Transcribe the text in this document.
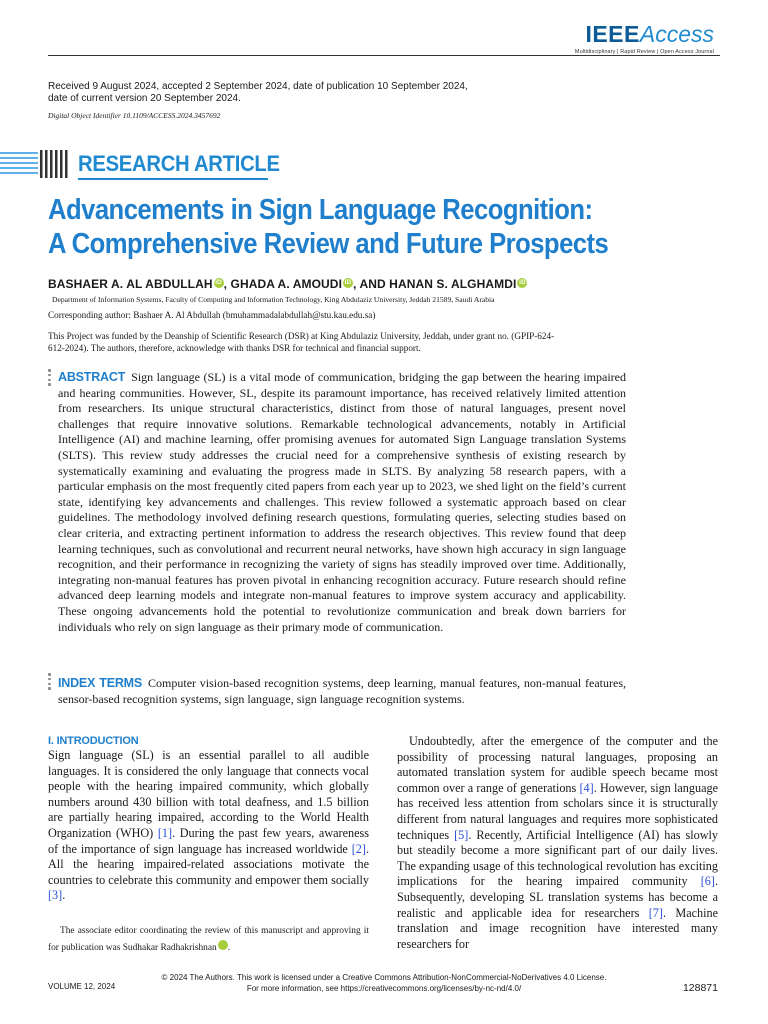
IEEEAccess
Multidisciplinary | Rapid Review | Open Access Journal
Received 9 August 2024, accepted 2 September 2024, date of publication 10 September 2024, date of current version 20 September 2024.
Digital Object Identifier 10.1109/ACCESS.2024.3457692
RESEARCH ARTICLE
Advancements in Sign Language Recognition:
A Comprehensive Review and Future Prospects
BASHAER A. AL ABDULLAH iD , GHADA A. AMOUDI iD , AND HANAN S. ALGHAMDI iD
Department of Information Systems, Faculty of Computing and Information Technology, King Abdulaziz University, Jeddah 21589, Saudi Arabia
Corresponding author: Bashaer A. Al Abdullah (bmuhammadalabdullah@stu.kau.edu.sa)
This Project was funded by the Deanship of Scientific Research (DSR) at King Abdulaziz University, Jeddah, under grant no. (GPIP-624-612-2024). The authors, therefore, acknowledge with thanks DSR for technical and financial support.
ABSTRACT Sign language (SL) is a vital mode of communication, bridging the gap between the hearing impaired and hearing communities. However, SL, despite its paramount importance, has received relatively limited attention from researchers. Its unique structural characteristics, distinct from those of natural languages, present novel challenges that require innovative solutions. Remarkable technological advancements, notably in Artificial Intelligence (AI) and machine learning, offer promising avenues for automated Sign Language translation Systems (SLTS). This review study addresses the crucial need for a comprehensive synthesis of existing research by systematically examining and evaluating the progress made in SLTS. By analyzing 58 research papers, with a particular emphasis on the most frequently cited papers from each year up to 2023, we shed light on the field’s current state, identifying key advancements and challenges. This review followed a systematic approach based on clear guidelines. The methodology involved defining research questions, formulating queries, selecting studies based on clear criteria, and extracting pertinent information to address the research objectives. This review found that deep learning techniques, such as convolutional and recurrent neural networks, have shown high accuracy in sign language recognition, and their performance in recognizing the variety of signs has steadily improved over time. Additionally, integrating non-manual features has proven pivotal in enhancing recognition accuracy. Future research should refine advanced deep learning models and integrate non-manual features to improve system accuracy and applicability. These ongoing advancements hold the potential to revolutionize communication and break down barriers for individuals who rely on sign language as their primary mode of communication.
INDEX TERMS Computer vision-based recognition systems, deep learning, manual features, non-manual features, sensor-based recognition systems, sign language, sign language recognition systems.
I. INTRODUCTION
Sign language (SL) is an essential parallel to all audible languages. It is considered the only language that connects vocal people with the hearing impaired community, which globally numbers around 430 billion with total deafness, and 1.5 billion are partially hearing impaired, according to the World Health Organization (WHO) [1]. During the past few years, awareness of the importance of sign language has increased worldwide [2]. All the hearing impaired-related associations motivate the countries to celebrate this community and empower them socially [3].
The associate editor coordinating the review of this manuscript and approving it for publication was Sudhakar Radhakrishnan iD.
Undoubtedly, after the emergence of the computer and the possibility of processing natural languages, proposing an automated translation system for audible speech became most common over a range of generations [4]. However, sign language has received less attention from scholars since it is structurally different from natural languages and requires more sophisticated techniques [5]. Recently, Artificial Intelligence (AI) has slowly but steadily become a more significant part of our daily lives. The expanding usage of this technological revolution has exciting implications for the hearing impaired community [6]. Subsequently, developing SL translation systems has become a realistic and applicable idea for researchers [7]. Machine translation and image recognition have interested many researchers for
© 2024 The Authors. This work is licensed under a Creative Commons Attribution-NonCommercial-NoDerivatives 4.0 License.
For more information, see https://creativecommons.org/licenses/by-nc-nd/4.0/
VOLUME 12, 2024	128871
